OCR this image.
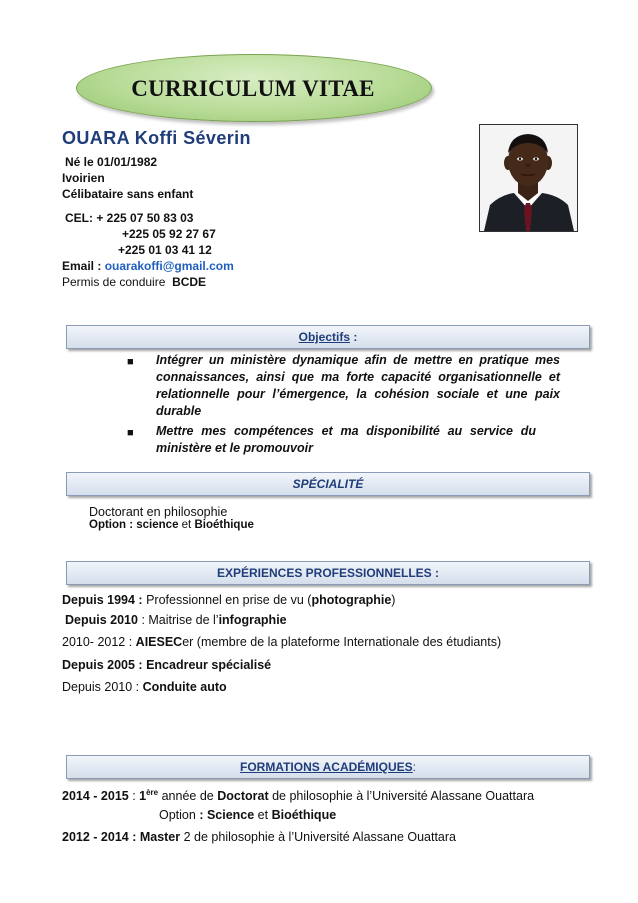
CURRICULUM VITAE
OUARA Koffi Séverin
Né le 01/01/1982
Ivoirien
Célibataire sans enfant
CEL: + 225 07 50 83 03
+225 05 92 27 67
+225 01 03 41 12
Email : ouarakoffi@gmail.com
Permis de conduire BCDE
Objectifs :
■ Intégrer un ministère dynamique afin de mettre en pratique mes connaissances, ainsi que ma forte capacité organisationnelle et relationnelle pour l’émergence, la cohésion sociale et une paix durable
■ Mettre mes compétences et ma disponibilité au service du ministère et le promouvoir
SPÉCIALITÉ
Doctorant en philosophie
Option : science et Bioéthique
EXPÉRIENCES PROFESSIONNELLES :
Depuis 1994 : Professionnel en prise de vu (photographie)
Depuis 2010 : Maitrise de l’infographie
2010- 2012 : AIESECer (membre de la plateforme Internationale des étudiants)
Depuis 2005 : Encadreur spécialisé
Depuis 2010 : Conduite auto
FORMATIONS ACADÉMIQUES:
2014 - 2015 : 1ère année de Doctorat de philosophie à l’Université Alassane Ouattara
Option : Science et Bioéthique
2012 - 2014 : Master 2 de philosophie à l’Université Alassane Ouattara
